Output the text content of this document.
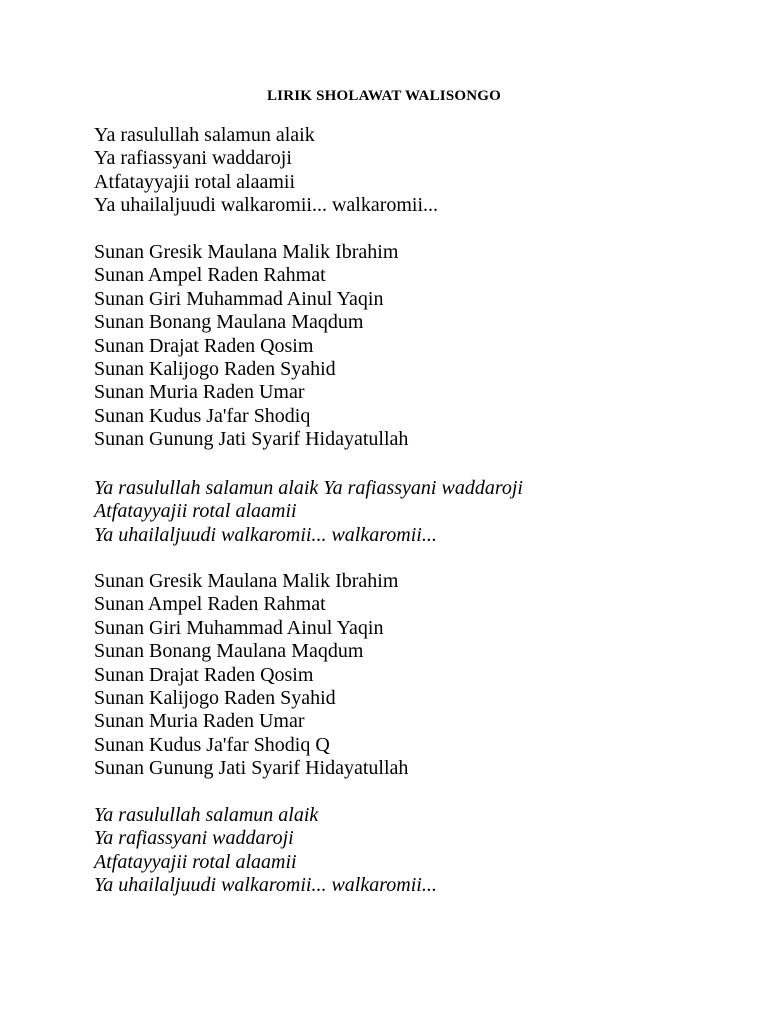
LIRIK SHOLAWAT WALISONGO
Ya rasulullah salamun alaik
Ya rafiassyani waddaroji
Atfatayyajii rotal alaamii
Ya uhailaljuudi walkaromii... walkaromii...
Sunan Gresik Maulana Malik Ibrahim
Sunan Ampel Raden Rahmat
Sunan Giri Muhammad Ainul Yaqin
Sunan Bonang Maulana Maqdum
Sunan Drajat Raden Qosim
Sunan Kalijogo Raden Syahid
Sunan Muria Raden Umar
Sunan Kudus Ja'far Shodiq
Sunan Gunung Jati Syarif Hidayatullah
Ya rasulullah salamun alaik Ya rafiassyani waddaroji
Atfatayyajii rotal alaamii
Ya uhailaljuudi walkaromii... walkaromii...
Sunan Gresik Maulana Malik Ibrahim
Sunan Ampel Raden Rahmat
Sunan Giri Muhammad Ainul Yaqin
Sunan Bonang Maulana Maqdum
Sunan Drajat Raden Qosim
Sunan Kalijogo Raden Syahid
Sunan Muria Raden Umar
Sunan Kudus Ja'far Shodiq Q
Sunan Gunung Jati Syarif Hidayatullah
Ya rasulullah salamun alaik
Ya rafiassyani waddaroji
Atfatayyajii rotal alaamii
Ya uhailaljuudi walkaromii... walkaromii...
